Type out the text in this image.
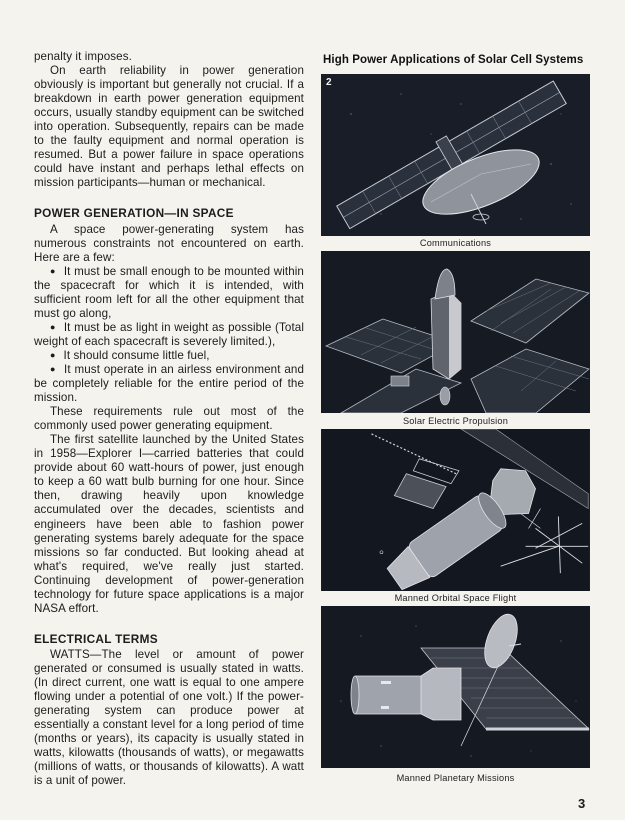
penalty it imposes.

On earth reliability in power generation obviously is important but generally not crucial. If a breakdown in earth power generation equipment occurs, usually standby equipment can be switched into operation. Subsequently, repairs can be made to the faulty equipment and normal operation is resumed. But a power failure in space operations could have instant and perhaps lethal effects on mission participants—human or mechanical.

POWER GENERATION—IN SPACE

A space power-generating system has numerous constraints not encountered on earth. Here are a few:

● It must be small enough to be mounted within the spacecraft for which it is intended, with sufficient room left for all the other equipment that must go along,

● It must be as light in weight as possible (Total weight of each spacecraft is severely limited.),

● It should consume little fuel,

● It must operate in an airless environment and be completely reliable for the entire period of the mission.

These requirements rule out most of the commonly used power generating equipment.

The first satellite launched by the United States in 1958—Explorer I—carried batteries that could provide about 60 watt-hours of power, just enough to keep a 60 watt bulb burning for one hour. Since then, drawing heavily upon knowledge accumulated over the decades, scientists and engineers have been able to fashion power generating systems barely adequate for the space missions so far conducted. But looking ahead at what's required, we've really just started. Continuing development of power-generation technology for future space applications is a major NASA effort.

ELECTRICAL TERMS

WATTS—The level or amount of power generated or consumed is usually stated in watts. (In direct current, one watt is equal to one ampere flowing under a potential of one volt.) If the power-generating system can produce power at essentially a constant level for a long period of time (months or years), its capacity is usually stated in watts, kilowatts (thousands of watts), or megawatts (millions of watts, or thousands of kilowatts). A watt is a unit of power.

High Power Applications of Solar Cell Systems
2
Communications
Solar Electric Propulsion
Manned Orbital Space Flight
Manned Planetary Missions
3
